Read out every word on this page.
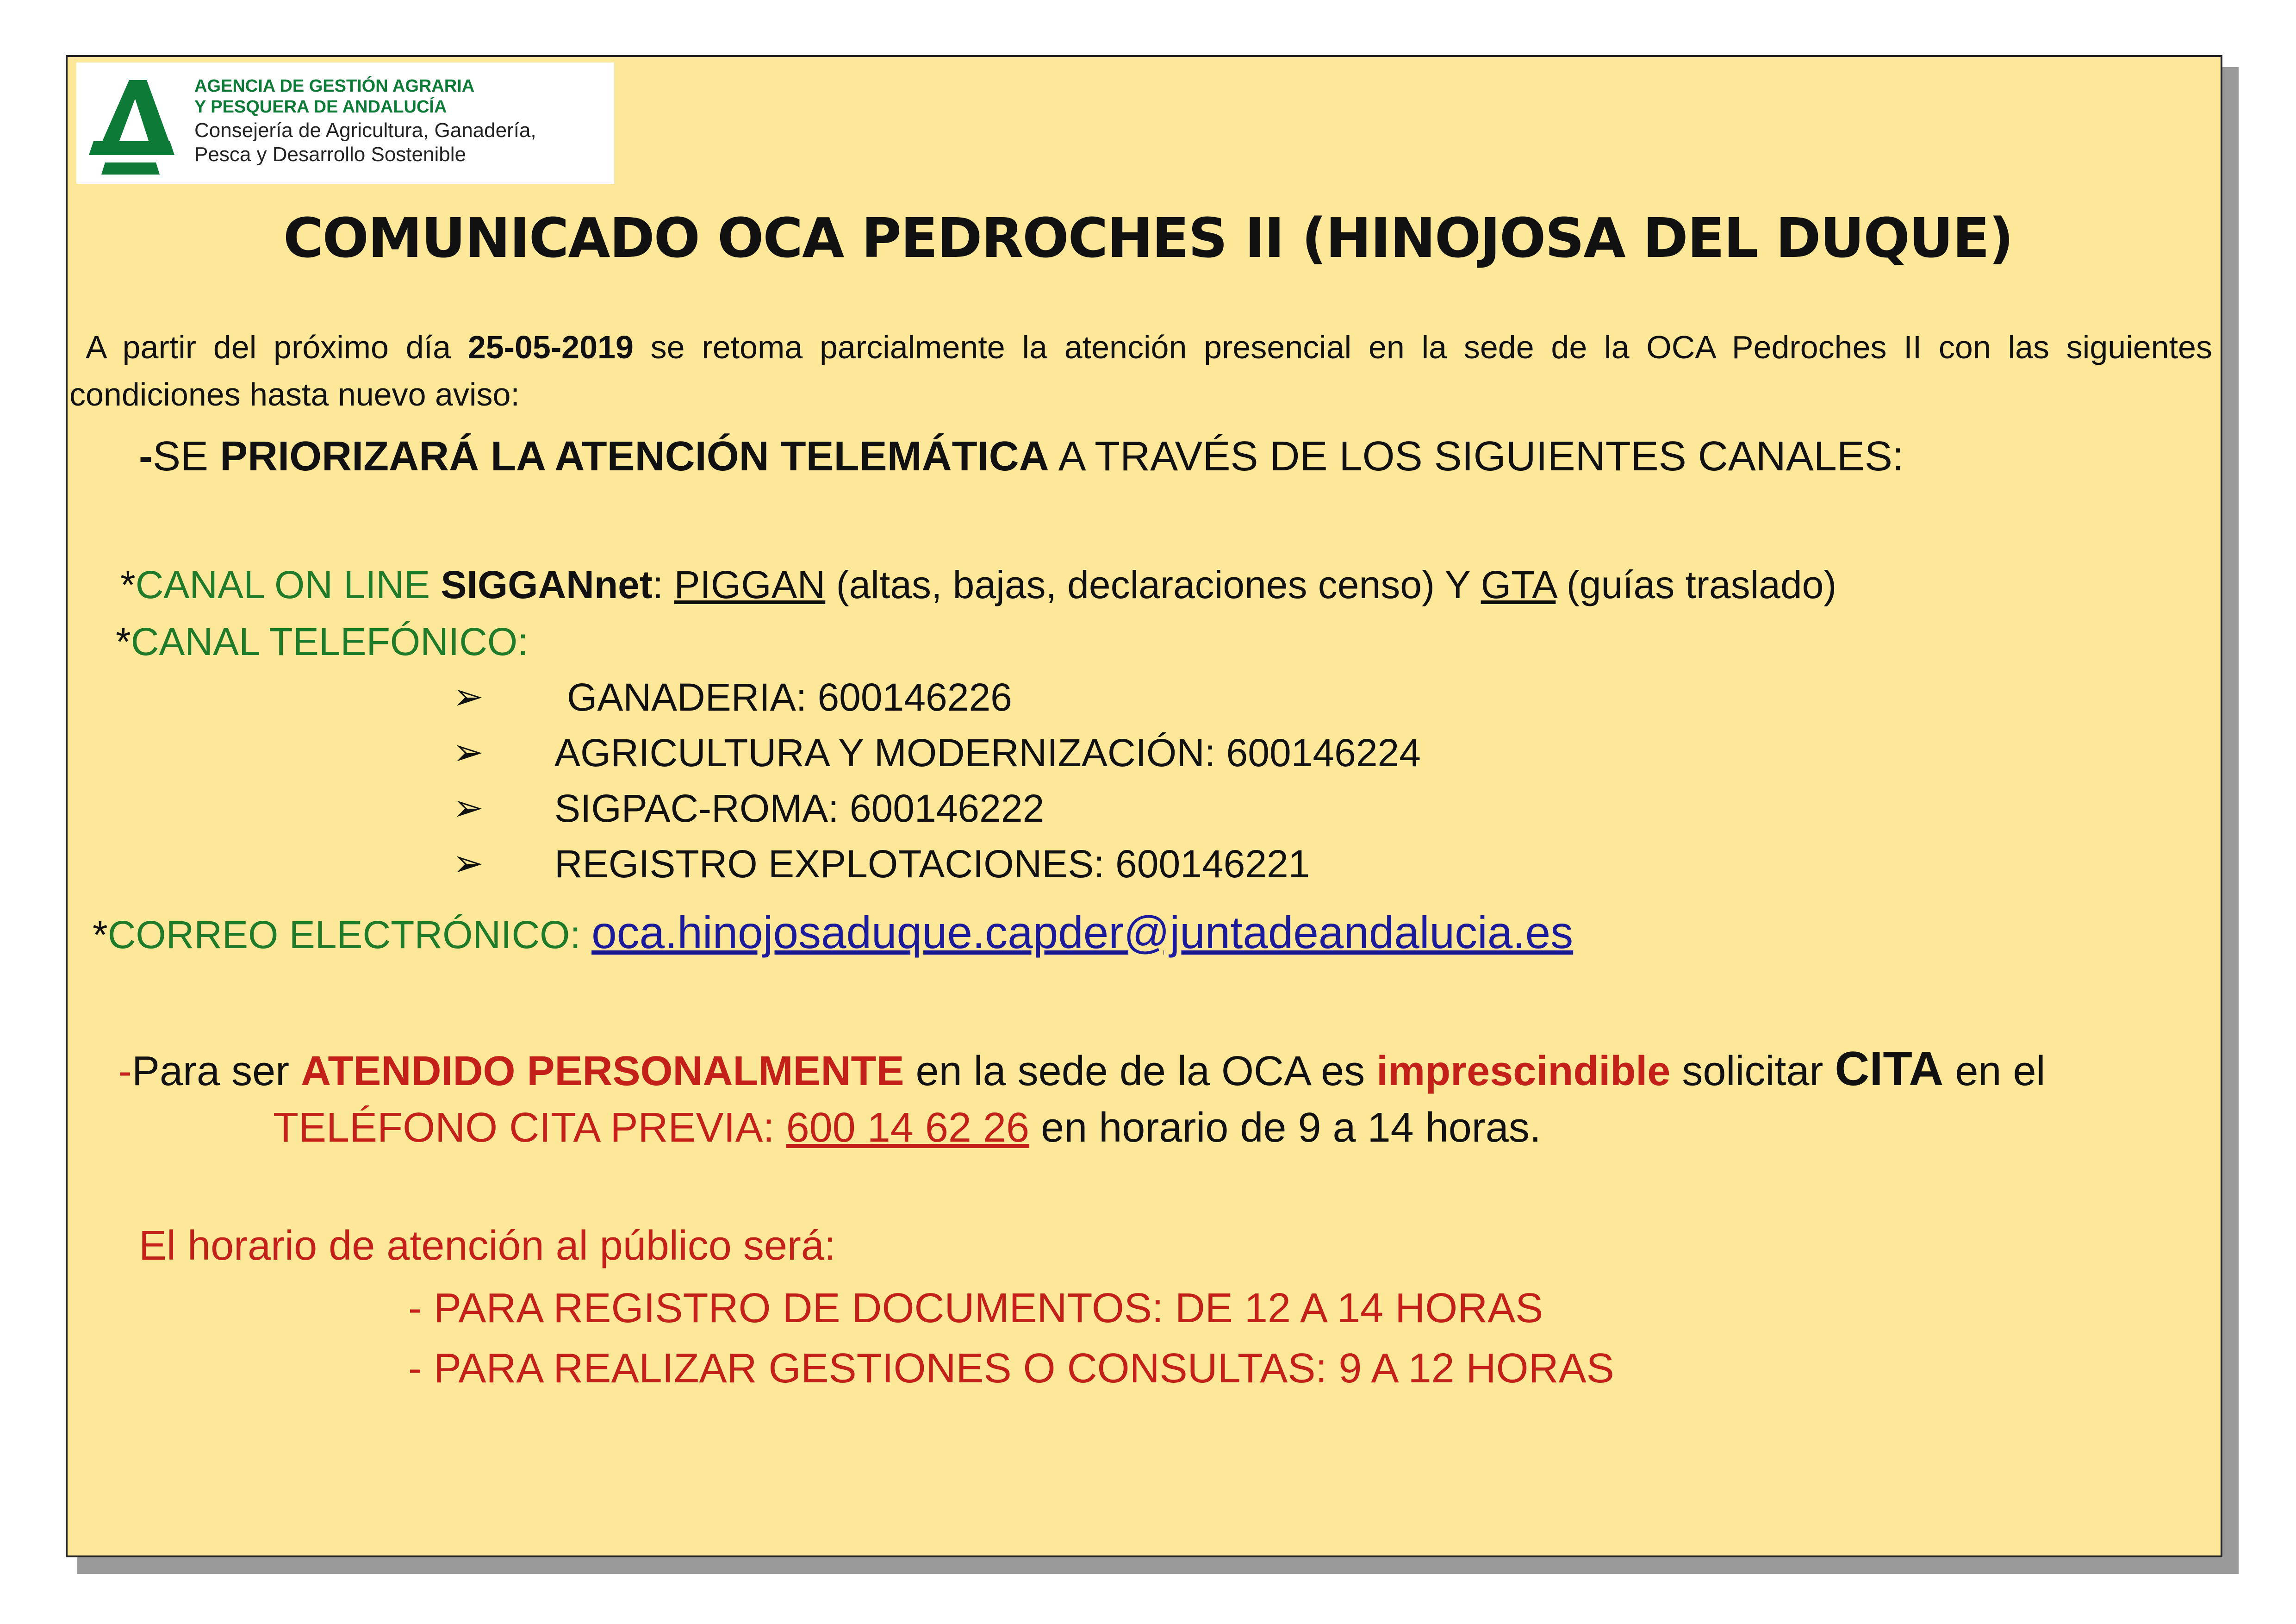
AGENCIA DE GESTIÓN AGRARIA
Y PESQUERA DE ANDALUCÍA
Consejería de Agricultura, Ganadería,
Pesca y Desarrollo Sostenible
COMUNICADO OCA PEDROCHES II (HINOJOSA DEL DUQUE)
A partir del próximo día 25-05-2019 se retoma parcialmente la atención presencial en la sede de la OCA Pedroches II con las siguientes
condiciones hasta nuevo aviso:
-SE PRIORIZARÁ LA ATENCIÓN TELEMÁTICA A TRAVÉS DE LOS SIGUIENTES CANALES:
*CANAL ON LINE SIGGANnet: PIGGAN (altas, bajas, declaraciones censo) Y GTA (guías traslado)
*CANAL TELEFÓNICO:
➢ GANADERIA: 600146226
➢ AGRICULTURA Y MODERNIZACIÓN: 600146224
➢ SIGPAC-ROMA: 600146222
➢ REGISTRO EXPLOTACIONES: 600146221
*CORREO ELECTRÓNICO: oca.hinojosaduque.capder@juntadeandalucia.es
-Para ser ATENDIDO PERSONALMENTE en la sede de la OCA es imprescindible solicitar CITA en el
TELÉFONO CITA PREVIA: 600 14 62 26 en horario de 9 a 14 horas.
El horario de atención al público será:
- PARA REGISTRO DE DOCUMENTOS: DE 12 A 14 HORAS
- PARA REALIZAR GESTIONES O CONSULTAS: 9 A 12 HORAS
